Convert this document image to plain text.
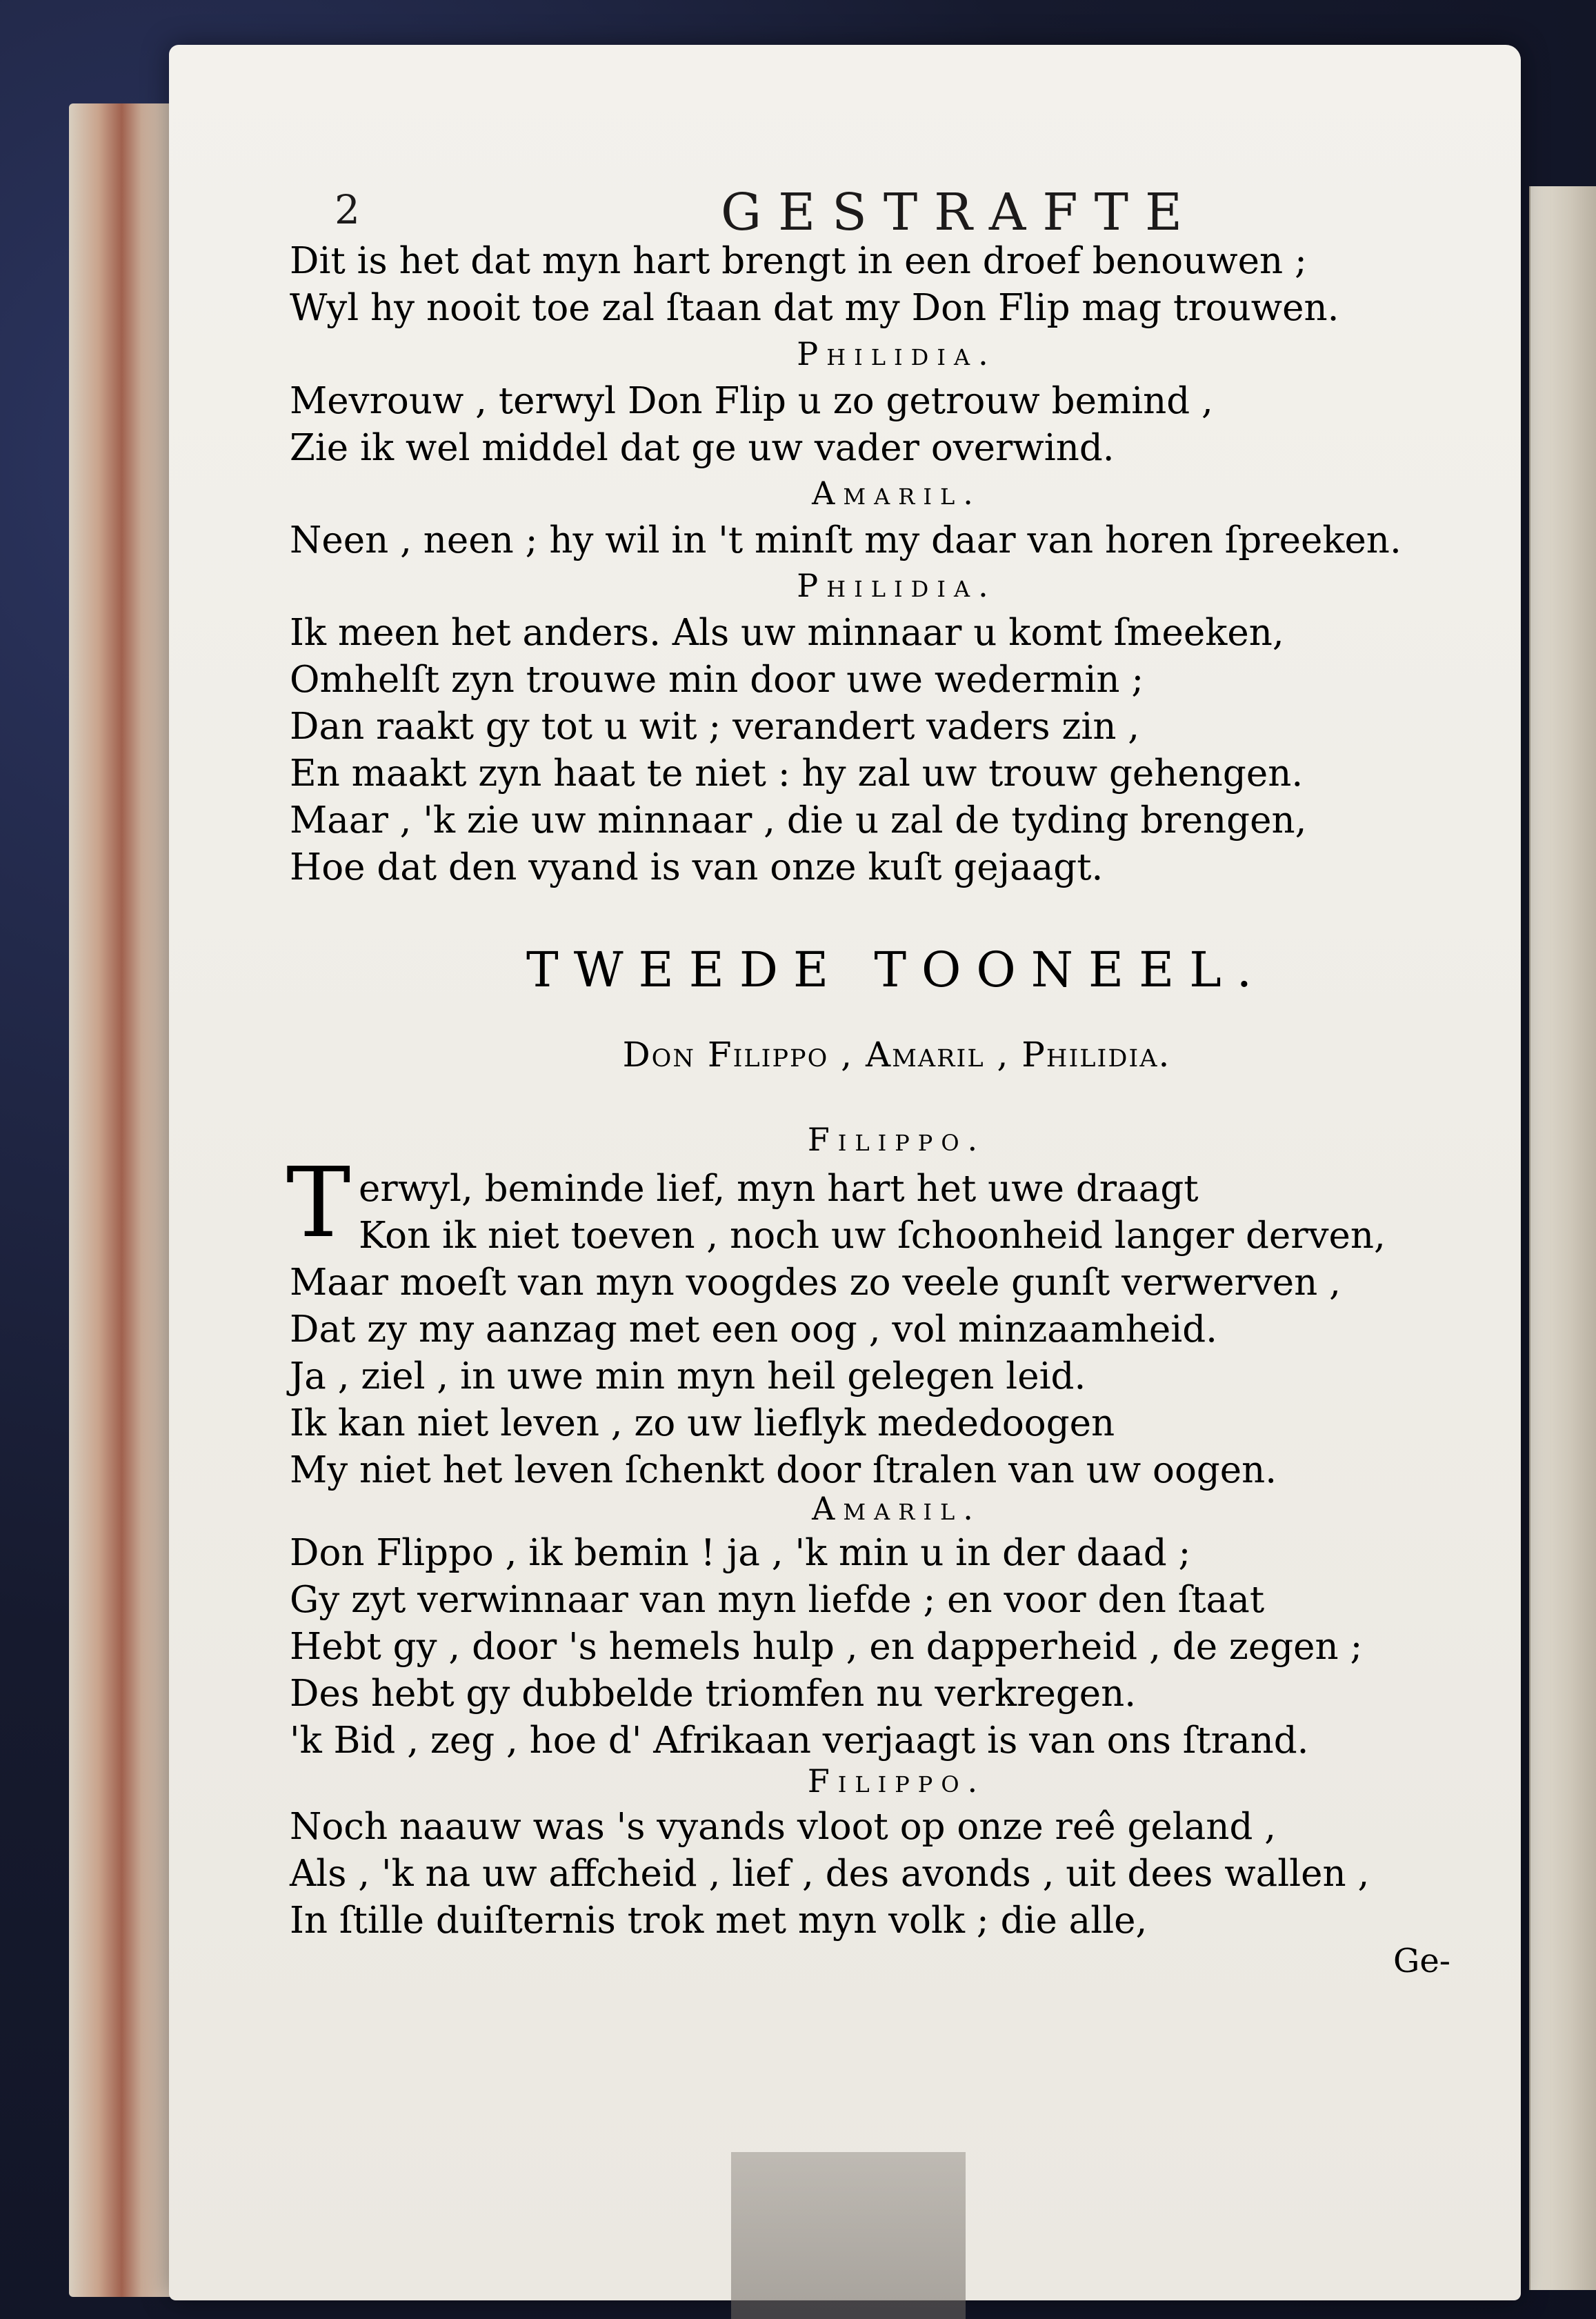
2	GESTRAFTE
Dit is het dat myn hart brengt in een droef benouwen ;
Wyl hy nooit toe zal ſtaan dat my Don Flip mag trouwen.
Philidia.
Mevrouw , terwyl Don Flip u zo getrouw bemind ,
Zie ik wel middel dat ge uw vader overwind.
Amaril.
Neen , neen ; hy wil in 't minſt my daar van horen ſpreeken.
Philidia.
Ik meen het anders. Als uw minnaar u komt ſmeeken,
Omhelſt zyn trouwe min door uwe wedermin ;
Dan raakt gy tot u wit ; verandert vaders zin ,
En maakt zyn haat te niet : hy zal uw trouw gehengen.
Maar , 'k zie uw minnaar , die u zal de tyding brengen,
Hoe dat den vyand is van onze kuſt gejaagt.
TWEEDE TOONEEL.
Don Filippo , Amaril , Philidia.
Filippo.
T erwyl, beminde lief, myn hart het uwe draagt
Kon ik niet toeven , noch uw ſchoonheid langer derven,
Maar moeſt van myn voogdes zo veele gunſt verwerven ,
Dat zy my aanzag met een oog , vol minzaamheid.
Ja , ziel , in uwe min myn heil gelegen leid.
Ik kan niet leven , zo uw lieflyk mededoogen
My niet het leven ſchenkt door ſtralen van uw oogen.
Amaril.
Don Flippo , ik bemin ! ja , 'k min u in der daad ;
Gy zyt verwinnaar van myn liefde ; en voor den ſtaat
Hebt gy , door 's hemels hulp , en dapperheid , de zegen ;
Des hebt gy dubbelde triomfen nu verkregen.
'k Bid , zeg , hoe d' Afrikaan verjaagt is van ons ſtrand.
Filippo.
Noch naauw was 's vyands vloot op onze reê geland ,
Als , 'k na uw affcheid , lief , des avonds , uit dees wallen ,
In ſtille duiſternis trok met myn volk ; die alle,
Ge-
